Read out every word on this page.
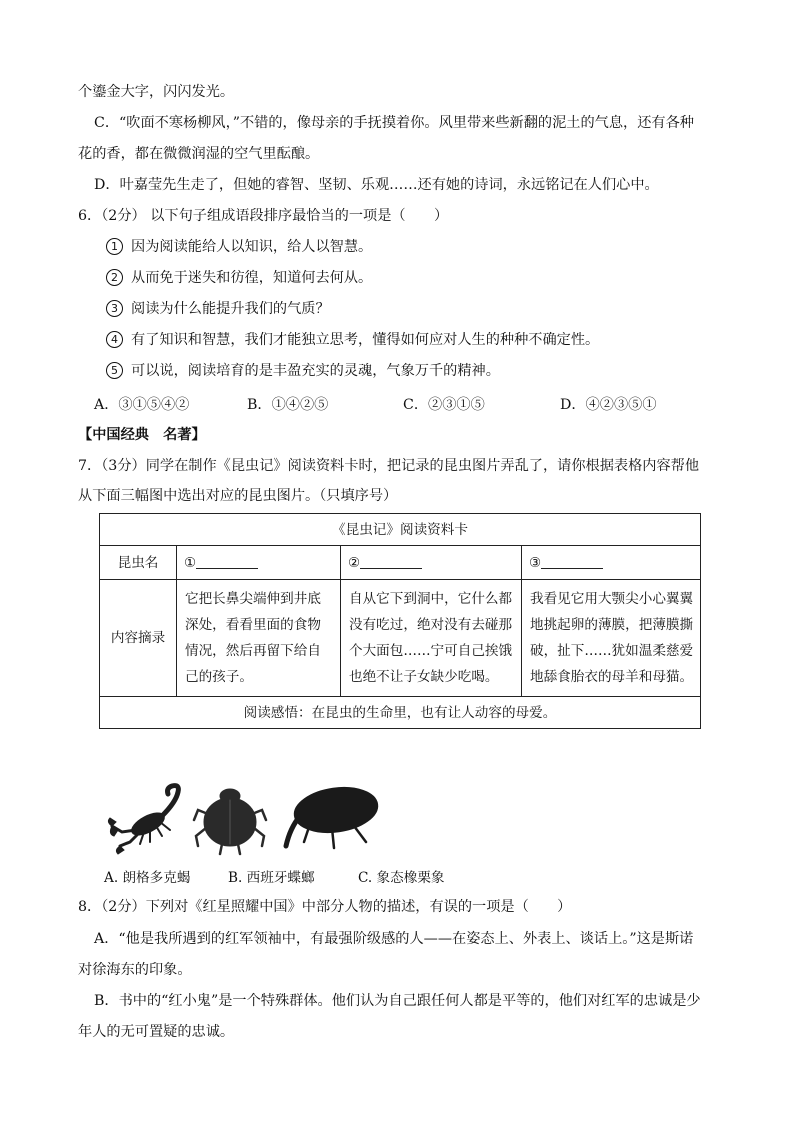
个鎏金大字，闪闪发光。
C．“吹面不寒杨柳风，”不错的，像母亲的手抚摸着你。风里带来些新翻的泥土的气息，还有各种
花的香，都在微微润湿的空气里酝酿。
D．叶嘉莹先生走了，但她的睿智、坚韧、乐观……还有她的诗词，永远铭记在人们心中。
6．（2分） 以下句子组成语段排序最恰当的一项是（　　）
1 因为阅读能给人以知识，给人以智慧。
2 从而免于迷失和彷徨，知道何去何从。
3 阅读为什么能提升我们的气质？
4 有了知识和智慧，我们才能独立思考，懂得如何应对人生的种种不确定性。
5 可以说，阅读培育的是丰盈充实的灵魂，气象万千的精神。
A．③①⑤④②	B．①④②⑤	C．②③①⑤	D．④②③⑤①
【中国经典　名著】
7．（3分）同学在制作《昆虫记》阅读资料卡时，把记录的昆虫图片弄乱了，请你根据表格内容帮他
从下面三幅图中选出对应的昆虫图片。（只填序号）
《昆虫记》阅读资料卡			
昆虫名	①	②	③
内容摘录	它把长鼻尖端伸到井底深处，看看里面的食物情况，然后再留下给自己的孩子。	自从它下到洞中，它什么都没有吃过，绝对没有去碰那个大面包……宁可自己挨饿也绝不让子女缺少吃喝。	我看见它用大颚尖小心翼翼地挑起卵的薄膜，把薄膜撕破，扯下……犹如温柔慈爱地舔食胎衣的母羊和母猫。
阅读感悟：在昆虫的生命里，也有让人动容的母爱。			
A. 朗格多克蝎	B. 西班牙蝶螂	C. 象态橡栗象
8．（2分）下列对《红星照耀中国》中部分人物的描述，有误的一项是（　　）
A．“他是我所遇到的红军领袖中，有最强阶级感的人——在姿态上、外表上、谈话上。”这是斯诺
对徐海东的印象。
B．书中的“红小鬼”是一个特殊群体。他们认为自己跟任何人都是平等的，他们对红军的忠诚是少
年人的无可置疑的忠诚。
